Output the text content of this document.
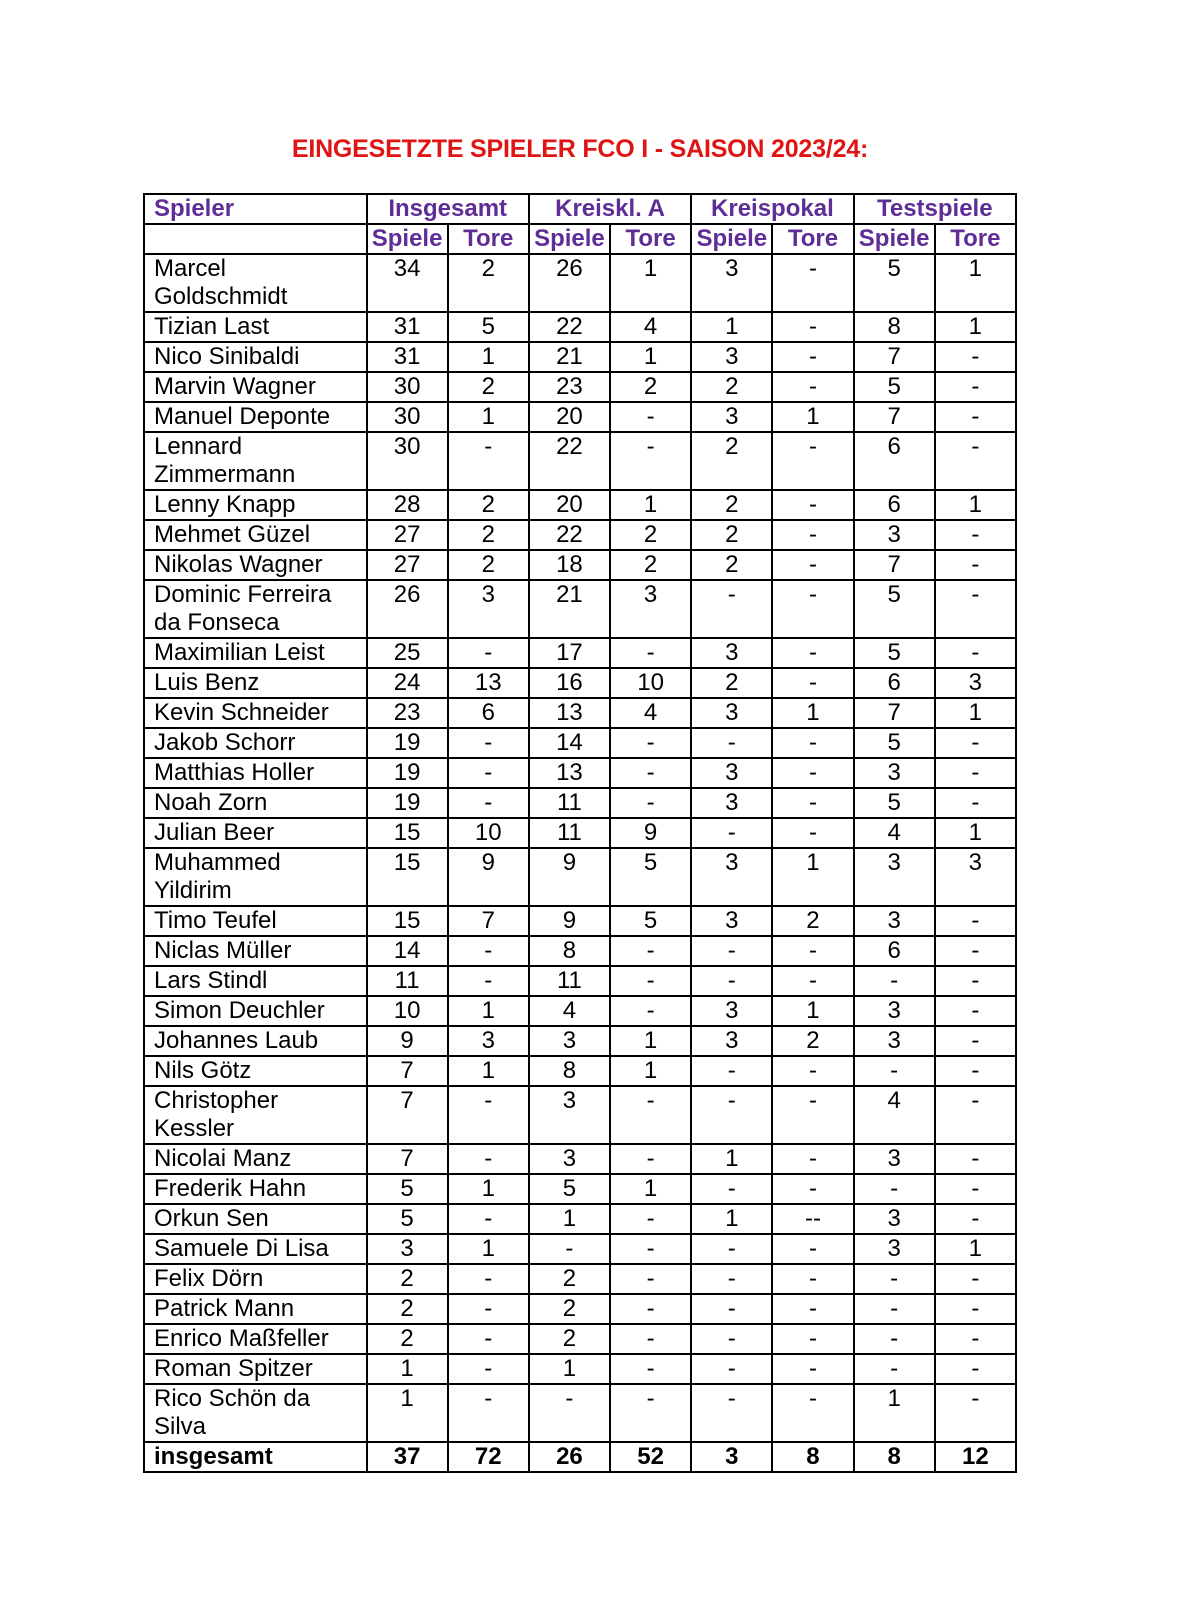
EINGESETZTE SPIELER FCO I - SAISON 2023/24:
Spieler	Insgesamt		Kreiskl. A		Kreispokal		Testspiele	
	Spiele	Tore	Spiele	Tore	Spiele	Tore	Spiele	Tore
Marcel Goldschmidt	34	2	26	1	3	-	5	1
Tizian Last	31	5	22	4	1	-	8	1
Nico Sinibaldi	31	1	21	1	3	-	7	-
Marvin Wagner	30	2	23	2	2	-	5	-
Manuel Deponte	30	1	20	-	3	1	7	-
Lennard Zimmermann	30	-	22	-	2	-	6	-
Lenny Knapp	28	2	20	1	2	-	6	1
Mehmet Güzel	27	2	22	2	2	-	3	-
Nikolas Wagner	27	2	18	2	2	-	7	-
Dominic Ferreira da Fonseca	26	3	21	3	-	-	5	-
Maximilian Leist	25	-	17	-	3	-	5	-
Luis Benz	24	13	16	10	2	-	6	3
Kevin Schneider	23	6	13	4	3	1	7	1
Jakob Schorr	19	-	14	-	-	-	5	-
Matthias Holler	19	-	13	-	3	-	3	-
Noah Zorn	19	-	11	-	3	-	5	-
Julian Beer	15	10	11	9	-	-	4	1
Muhammed Yildirim	15	9	9	5	3	1	3	3
Timo Teufel	15	7	9	5	3	2	3	-
Niclas Müller	14	-	8	-	-	-	6	-
Lars Stindl	11	-	11	-	-	-	-	-
Simon Deuchler	10	1	4	-	3	1	3	-
Johannes Laub	9	3	3	1	3	2	3	-
Nils Götz	7	1	8	1	-	-	-	-
Christopher Kessler	7	-	3	-	-	-	4	-
Nicolai Manz	7	-	3	-	1	-	3	-
Frederik Hahn	5	1	5	1	-	-	-	-
Orkun Sen	5	-	1	-	1	--	3	-
Samuele Di Lisa	3	1	-	-	-	-	3	1
Felix Dörn	2	-	2	-	-	-	-	-
Patrick Mann	2	-	2	-	-	-	-	-
Enrico Maßfeller	2	-	2	-	-	-	-	-
Roman Spitzer	1	-	1	-	-	-	-	-
Rico Schön da Silva	1	-	-	-	-	-	1	-
insgesamt	37	72	26	52	3	8	8	12
